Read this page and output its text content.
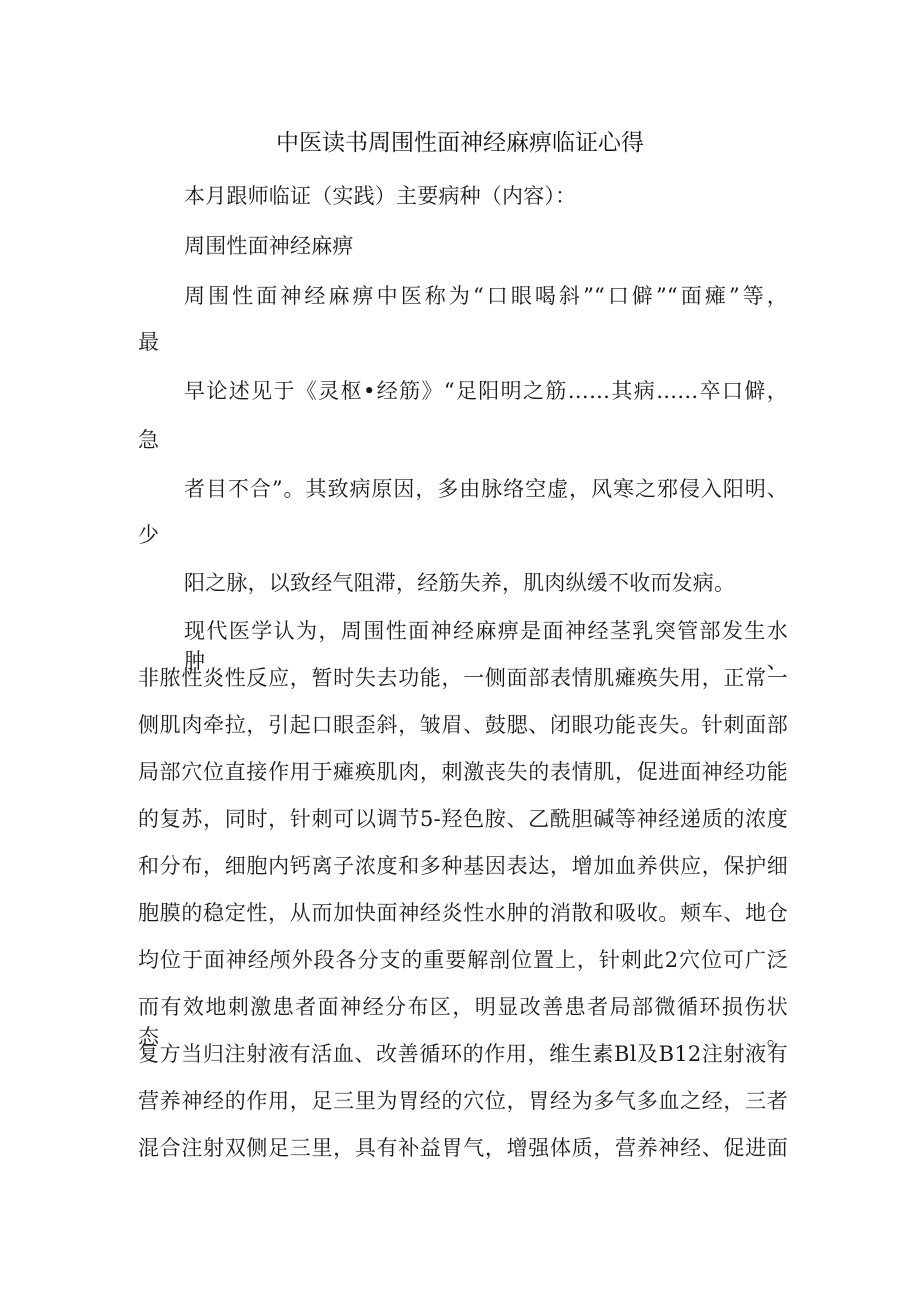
中医读书周围性面神经麻痹临证心得
本月跟师临证（实践）主要病种（内容）：
周围性面神经麻痹
周围性面神经麻痹中医称为“口眼喝斜”“口僻”“面瘫”等，
最
早论述见于《灵枢•经筋》“足阳明之筋……其病……卒口僻，
急
者目不合”。其致病原因，多由脉络空虚，风寒之邪侵入阳明、
少
阳之脉，以致经气阻滞，经筋失养，肌肉纵缓不收而发病。
现代医学认为，周围性面神经麻痹是面神经茎乳突管部发生水肿、
非脓性炎性反应，暂时失去功能，一侧面部表情肌瘫痪失用，正常一
侧肌肉牵拉，引起口眼歪斜，皱眉、鼓腮、闭眼功能丧失。针刺面部
局部穴位直接作用于瘫痪肌肉，刺激丧失的表情肌，促进面神经功能
的复苏，同时，针刺可以调节5-羟色胺、乙酰胆碱等神经递质的浓度
和分布，细胞内钙离子浓度和多种基因表达，增加血养供应，保护细
胞膜的稳定性，从而加快面神经炎性水肿的消散和吸收。颊车、地仓
均位于面神经颅外段各分支的重要解剖位置上，针刺此2穴位可广泛
而有效地刺激患者面神经分布区，明显改善患者局部微循环损伤状态。
复方当归注射液有活血、改善循环的作用，维生素Bl及B12注射液有
营养神经的作用，足三里为胃经的穴位，胃经为多气多血之经，三者
混合注射双侧足三里，具有补益胃气，增强体质，营养神经、促进面
